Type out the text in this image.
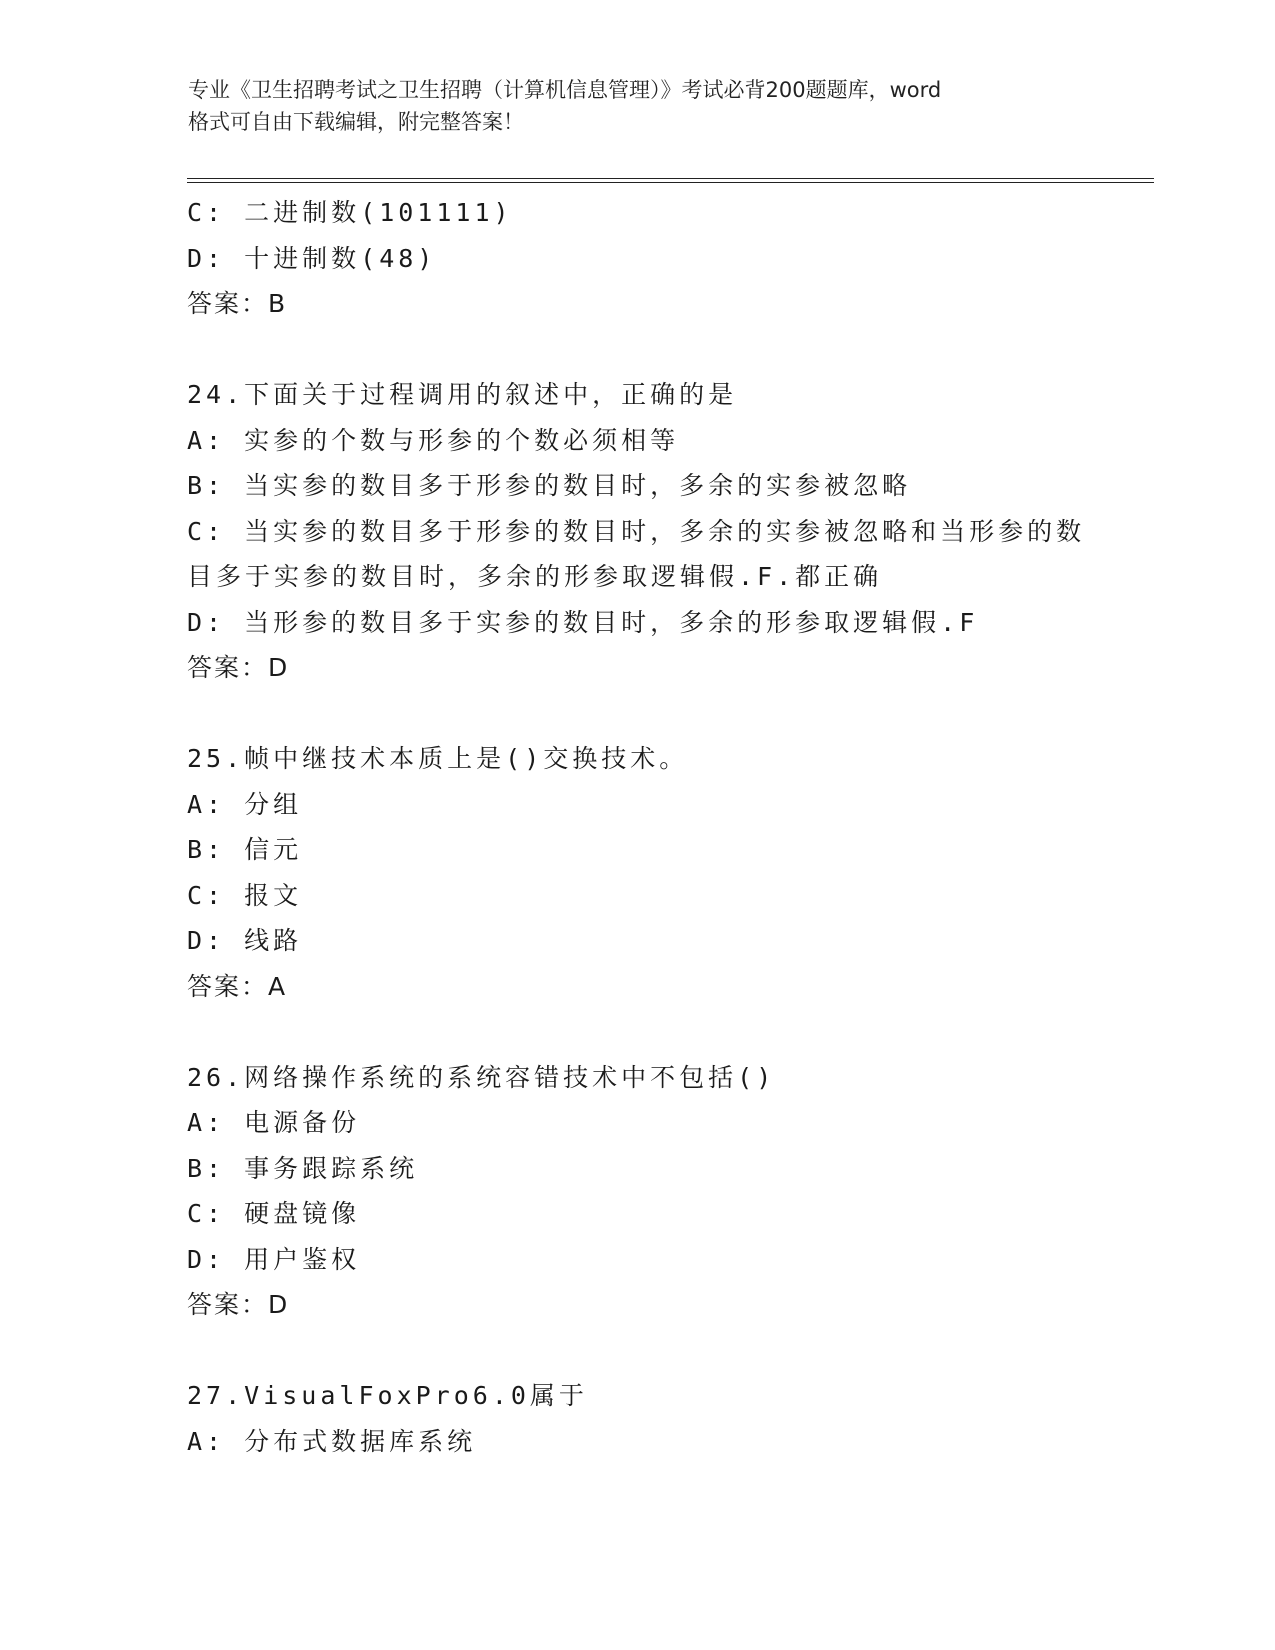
专业《卫生招聘考试之卫生招聘（计算机信息管理）》考试必背200题题库，word
格式可自由下载编辑，附完整答案！
C: 二进制数(101111)
D: 十进制数(48)
答案：B
24.下面关于过程调用的叙述中，正确的是
A: 实参的个数与形参的个数必须相等
B: 当实参的数目多于形参的数目时，多余的实参被忽略
C: 当实参的数目多于形参的数目时，多余的实参被忽略和当形参的数
目多于实参的数目时，多余的形参取逻辑假.F.都正确
D: 当形参的数目多于实参的数目时，多余的形参取逻辑假.F
答案：D
25.帧中继技术本质上是()交换技术。
A: 分组
B: 信元
C: 报文
D: 线路
答案：A
26.网络操作系统的系统容错技术中不包括()
A: 电源备份
B: 事务跟踪系统
C: 硬盘镜像
D: 用户鉴权
答案：D
27.VisualFoxPro6.0属于
A: 分布式数据库系统
